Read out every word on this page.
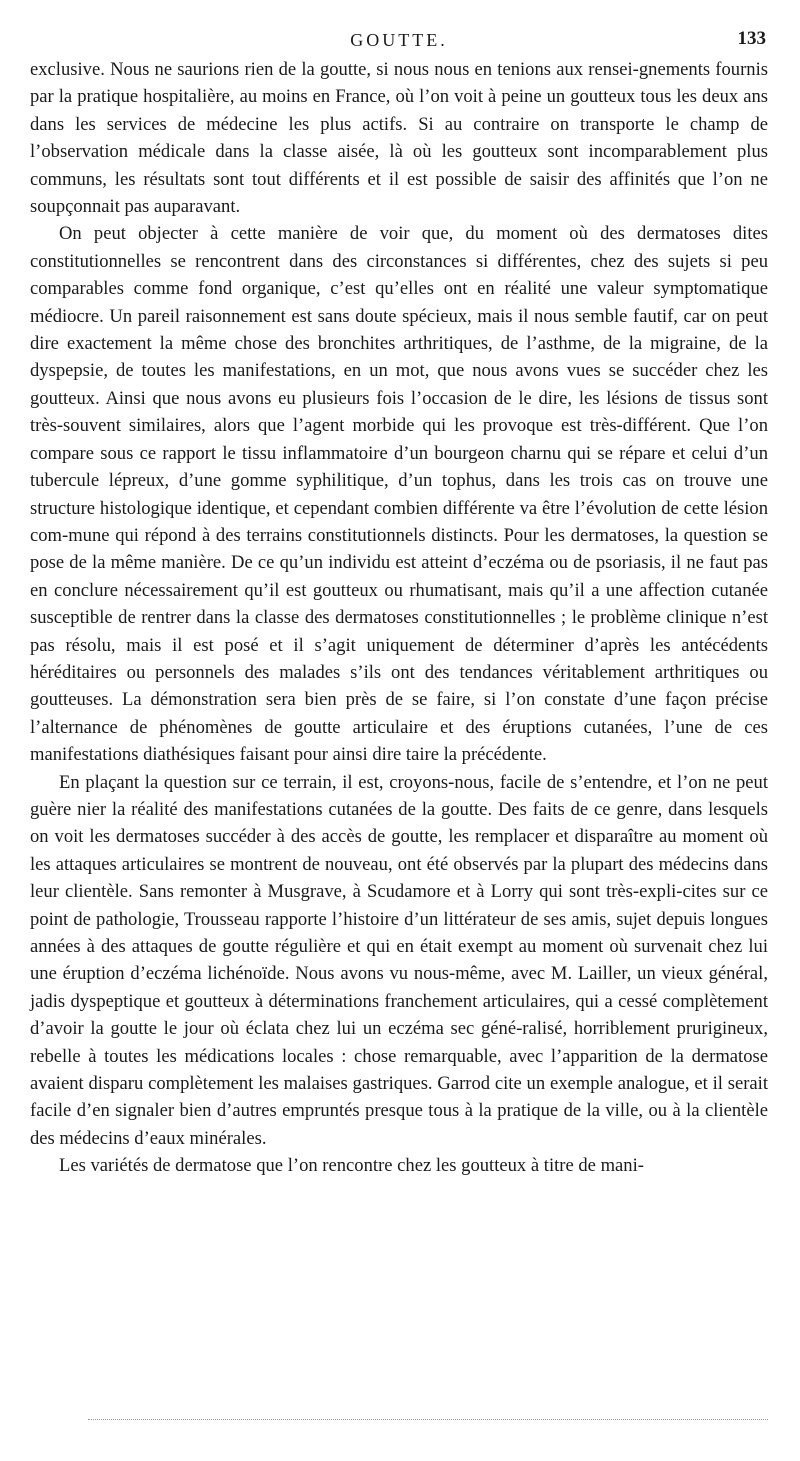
GOUTTE.	133

exclusive. Nous ne saurions rien de la goutte, si nous nous en tenions aux rensei-gnements fournis par la pratique hospitalière, au moins en France, où l’on voit à peine un goutteux tous les deux ans dans les services de médecine les plus actifs. Si au contraire on transporte le champ de l’observation médicale dans la classe aisée, là où les goutteux sont incomparablement plus communs, les résultats sont tout différents et il est possible de saisir des affinités que l’on ne soupçonnait pas auparavant.

On peut objecter à cette manière de voir que, du moment où des dermatoses dites constitutionnelles se rencontrent dans des circonstances si différentes, chez des sujets si peu comparables comme fond organique, c’est qu’elles ont en réalité une valeur symptomatique médiocre. Un pareil raisonnement est sans doute spécieux, mais il nous semble fautif, car on peut dire exactement la même chose des bronchites arthritiques, de l’asthme, de la migraine, de la dyspepsie, de toutes les manifestations, en un mot, que nous avons vues se succéder chez les goutteux. Ainsi que nous avons eu plusieurs fois l’occasion de le dire, les lésions de tissus sont très-souvent similaires, alors que l’agent morbide qui les provoque est très-différent. Que l’on compare sous ce rapport le tissu inflammatoire d’un bourgeon charnu qui se répare et celui d’un tubercule lépreux, d’une gomme syphilitique, d’un tophus, dans les trois cas on trouve une structure histologique identique, et cependant combien différente va être l’évolution de cette lésion com-mune qui répond à des terrains constitutionnels distincts. Pour les dermatoses, la question se pose de la même manière. De ce qu’un individu est atteint d’eczéma ou de psoriasis, il ne faut pas en conclure nécessairement qu’il est goutteux ou rhumatisant, mais qu’il a une affection cutanée susceptible de rentrer dans la classe des dermatoses constitutionnelles ; le problème clinique n’est pas résolu, mais il est posé et il s’agit uniquement de déterminer d’après les antécédents héréditaires ou personnels des malades s’ils ont des tendances véritablement arthritiques ou goutteuses. La démonstration sera bien près de se faire, si l’on constate d’une façon précise l’alternance de phénomènes de goutte articulaire et des éruptions cutanées, l’une de ces manifestations diathésiques faisant pour ainsi dire taire la précédente.

En plaçant la question sur ce terrain, il est, croyons-nous, facile de s’entendre, et l’on ne peut guère nier la réalité des manifestations cutanées de la goutte. Des faits de ce genre, dans lesquels on voit les dermatoses succéder à des accès de goutte, les remplacer et disparaître au moment où les attaques articulaires se montrent de nouveau, ont été observés par la plupart des médecins dans leur clientèle. Sans remonter à Musgrave, à Scudamore et à Lorry qui sont très-expli-cites sur ce point de pathologie, Trousseau rapporte l’histoire d’un littérateur de ses amis, sujet depuis longues années à des attaques de goutte régulière et qui en était exempt au moment où survenait chez lui une éruption d’eczéma lichénoïde. Nous avons vu nous-même, avec M. Lailler, un vieux général, jadis dyspeptique et goutteux à déterminations franchement articulaires, qui a cessé complètement d’avoir la goutte le jour où éclata chez lui un eczéma sec géné-ralisé, horriblement prurigineux, rebelle à toutes les médications locales : chose remarquable, avec l’apparition de la dermatose avaient disparu complètement les malaises gastriques. Garrod cite un exemple analogue, et il serait facile d’en signaler bien d’autres empruntés presque tous à la pratique de la ville, ou à la clientèle des médecins d’eaux minérales.

Les variétés de dermatose que l’on rencontre chez les goutteux à titre de mani-
